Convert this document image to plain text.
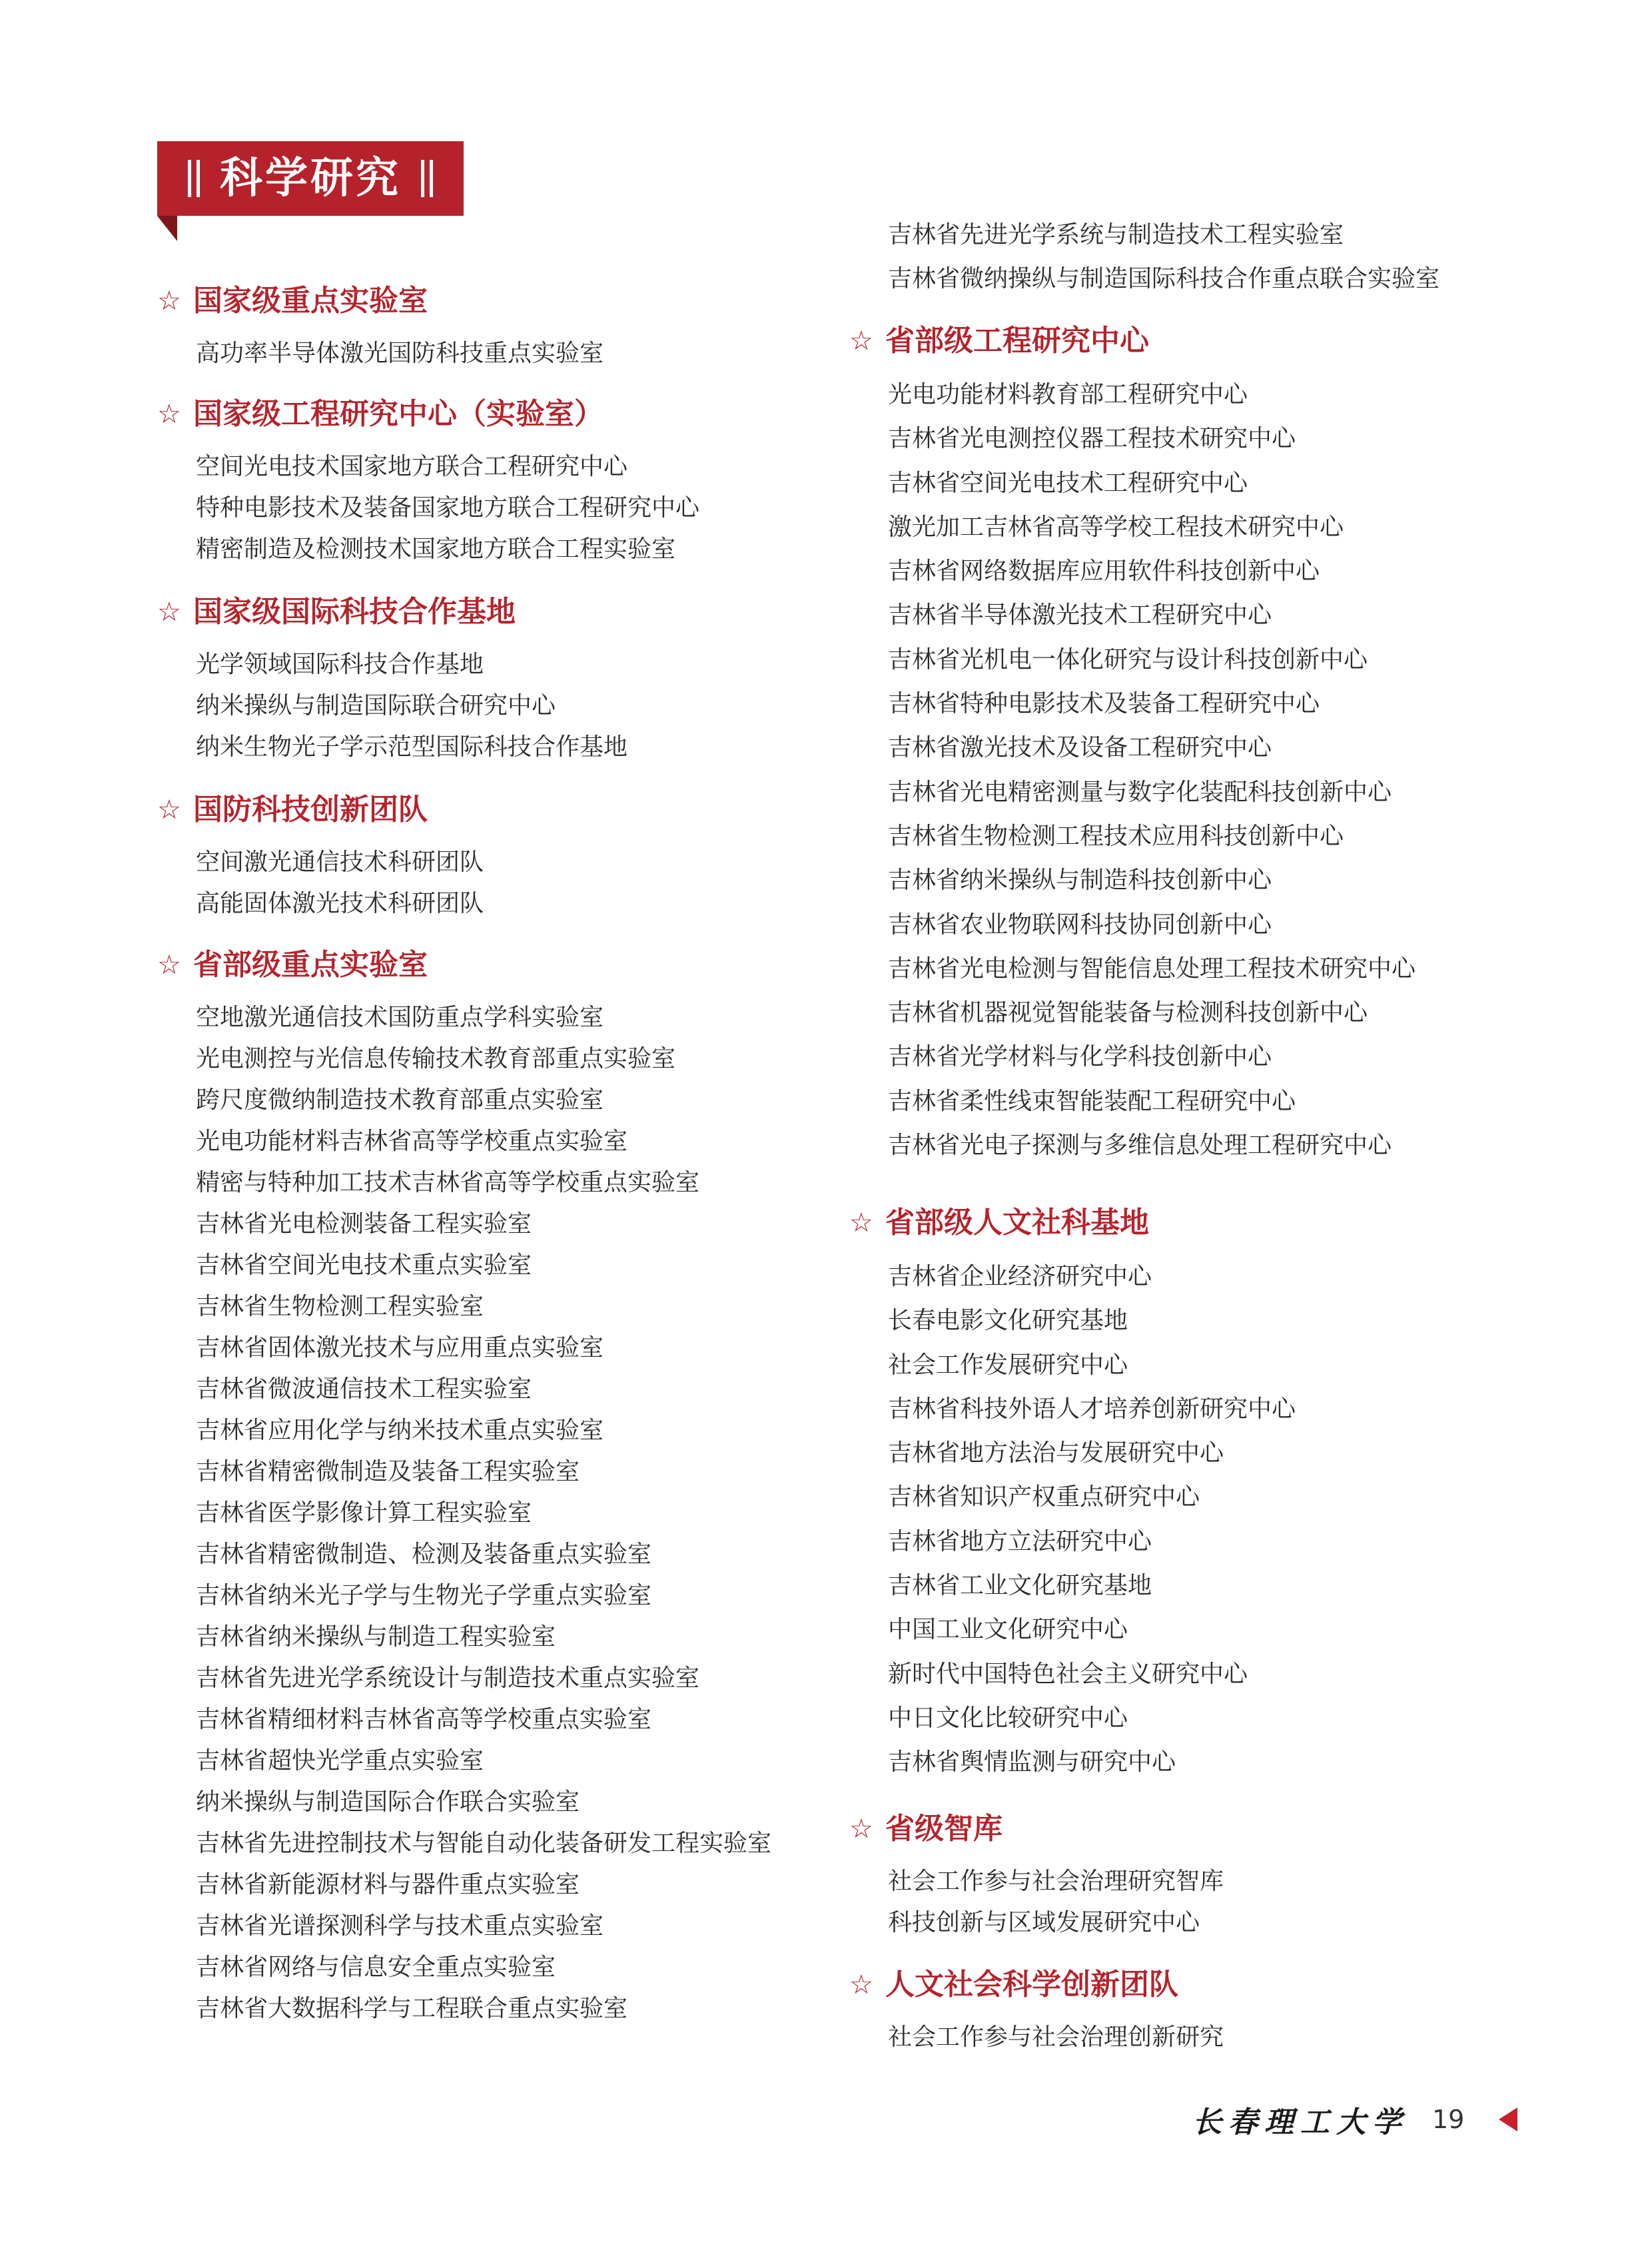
科学研究
☆ 国家级重点实验室
高功率半导体激光国防科技重点实验室
☆ 国家级工程研究中心（实验室）
空间光电技术国家地方联合工程研究中心
特种电影技术及装备国家地方联合工程研究中心
精密制造及检测技术国家地方联合工程实验室
☆ 国家级国际科技合作基地
光学领域国际科技合作基地
纳米操纵与制造国际联合研究中心
纳米生物光子学示范型国际科技合作基地
☆ 国防科技创新团队
空间激光通信技术科研团队
高能固体激光技术科研团队
☆ 省部级重点实验室
空地激光通信技术国防重点学科实验室
光电测控与光信息传输技术教育部重点实验室
跨尺度微纳制造技术教育部重点实验室
光电功能材料吉林省高等学校重点实验室
精密与特种加工技术吉林省高等学校重点实验室
吉林省光电检测装备工程实验室
吉林省空间光电技术重点实验室
吉林省生物检测工程实验室
吉林省固体激光技术与应用重点实验室
吉林省微波通信技术工程实验室
吉林省应用化学与纳米技术重点实验室
吉林省精密微制造及装备工程实验室
吉林省医学影像计算工程实验室
吉林省精密微制造、检测及装备重点实验室
吉林省纳米光子学与生物光子学重点实验室
吉林省纳米操纵与制造工程实验室
吉林省先进光学系统设计与制造技术重点实验室
吉林省精细材料吉林省高等学校重点实验室
吉林省超快光学重点实验室
纳米操纵与制造国际合作联合实验室
吉林省先进控制技术与智能自动化装备研发工程实验室
吉林省新能源材料与器件重点实验室
吉林省光谱探测科学与技术重点实验室
吉林省网络与信息安全重点实验室
吉林省大数据科学与工程联合重点实验室
吉林省先进光学系统与制造技术工程实验室
吉林省微纳操纵与制造国际科技合作重点联合实验室
☆ 省部级工程研究中心
光电功能材料教育部工程研究中心
吉林省光电测控仪器工程技术研究中心
吉林省空间光电技术工程研究中心
激光加工吉林省高等学校工程技术研究中心
吉林省网络数据库应用软件科技创新中心
吉林省半导体激光技术工程研究中心
吉林省光机电一体化研究与设计科技创新中心
吉林省特种电影技术及装备工程研究中心
吉林省激光技术及设备工程研究中心
吉林省光电精密测量与数字化装配科技创新中心
吉林省生物检测工程技术应用科技创新中心
吉林省纳米操纵与制造科技创新中心
吉林省农业物联网科技协同创新中心
吉林省光电检测与智能信息处理工程技术研究中心
吉林省机器视觉智能装备与检测科技创新中心
吉林省光学材料与化学科技创新中心
吉林省柔性线束智能装配工程研究中心
吉林省光电子探测与多维信息处理工程研究中心
☆ 省部级人文社科基地
吉林省企业经济研究中心
长春电影文化研究基地
社会工作发展研究中心
吉林省科技外语人才培养创新研究中心
吉林省地方法治与发展研究中心
吉林省知识产权重点研究中心
吉林省地方立法研究中心
吉林省工业文化研究基地
中国工业文化研究中心
新时代中国特色社会主义研究中心
中日文化比较研究中心
吉林省舆情监测与研究中心
☆ 省级智库
社会工作参与社会治理研究智库
科技创新与区域发展研究中心
☆ 人文社会科学创新团队
社会工作参与社会治理创新研究
长春理工大学 19
